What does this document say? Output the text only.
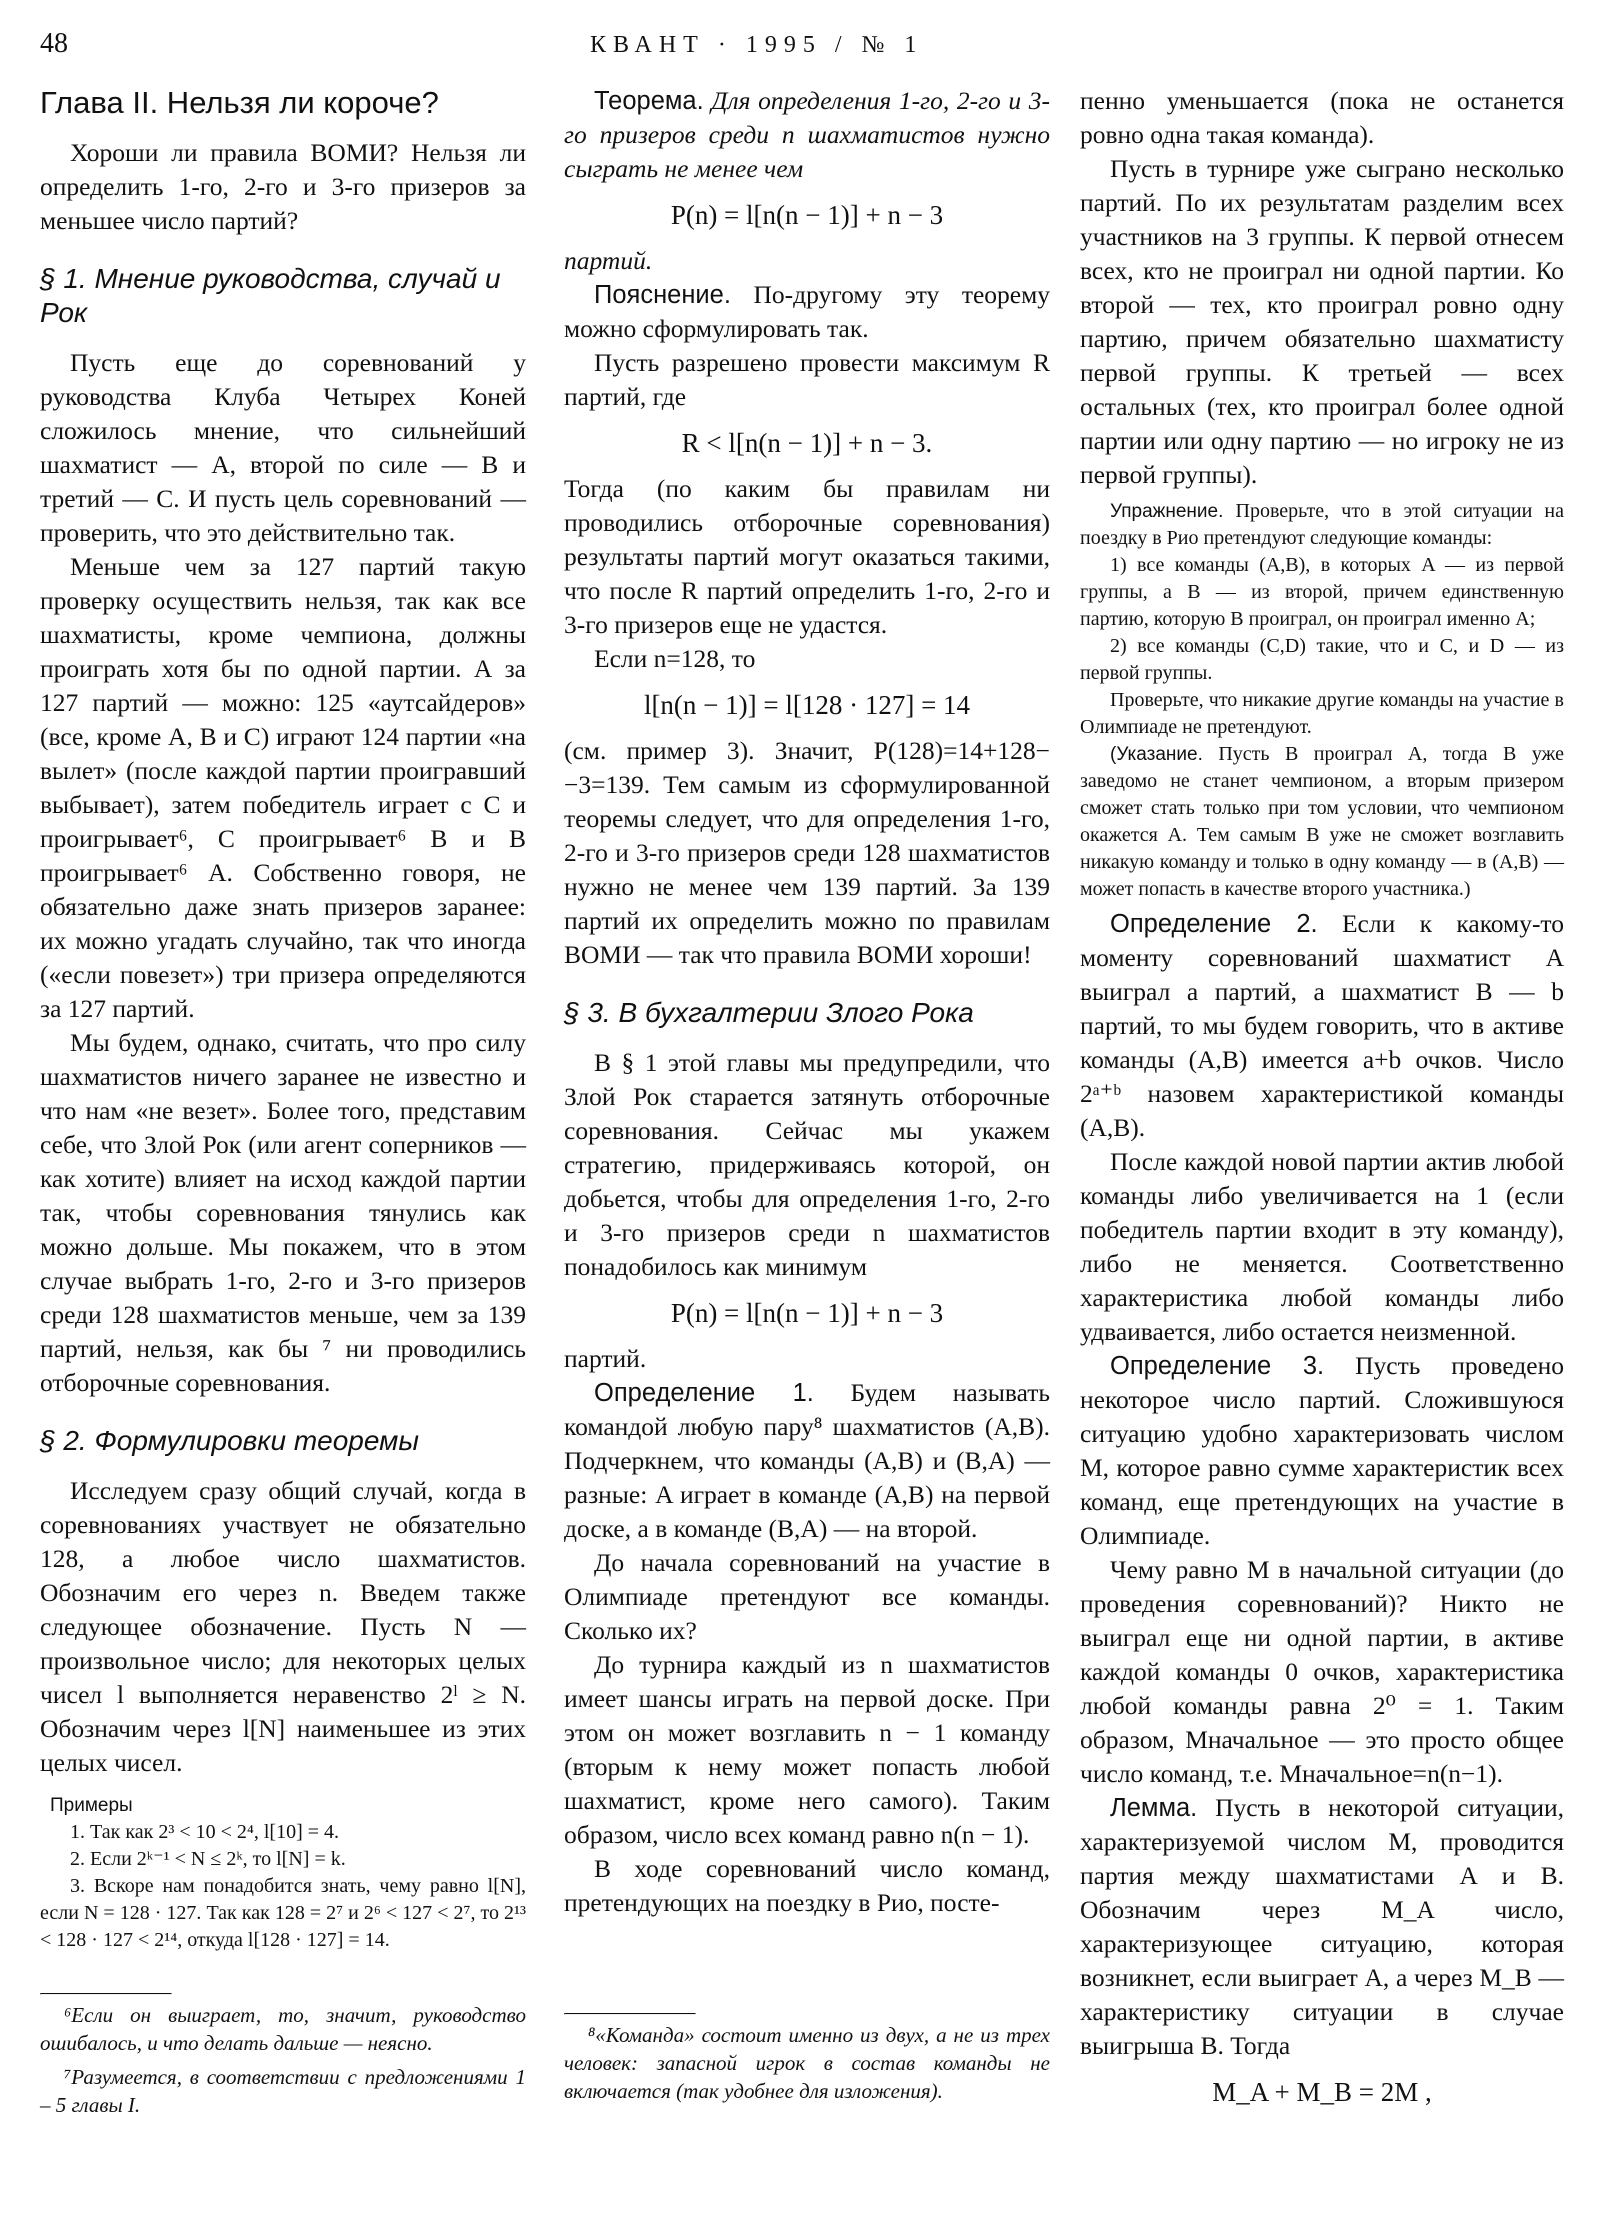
48	КВАНТ · 1995 / № 1
Глава II. Нельзя ли короче?

Хороши ли правила ВОМИ? Нельзя ли определить 1-го, 2-го и 3-го призеров за меньшее число партий?

§ 1. Мнение руководства, случай и Рок

Пусть еще до соревнований у руководства Клуба Четырех Коней сложилось мнение, что сильнейший шахматист — A, второй по силе — B и третий — C. И пусть цель соревнований — проверить, что это действительно так.

Меньше чем за 127 партий такую проверку осуществить нельзя, так как все шахматисты, кроме чемпиона, должны проиграть хотя бы по одной партии. А за 127 партий — можно: 125 «аутсайдеров» (все, кроме A, B и C) играют 124 партии «на вылет» (после каждой партии проигравший выбывает), затем победитель играет с C и проигрывает⁶, C проигрывает⁶ B и B проигрывает⁶ A. Собственно говоря, не обязательно даже знать призеров заранее: их можно угадать случайно, так что иногда («если повезет») три призера определяются за 127 партий.

Мы будем, однако, считать, что про силу шахматистов ничего заранее не известно и что нам «не везет». Более того, представим себе, что Злой Рок (или агент соперников — как хотите) влияет на исход каждой партии так, чтобы соревнования тянулись как можно дольше. Мы покажем, что в этом случае выбрать 1-го, 2-го и 3-го призеров среди 128 шахматистов меньше, чем за 139 партий, нельзя, как бы ⁷ ни проводились отборочные соревнования.

§ 2. Формулировки теоремы

Исследуем сразу общий случай, когда в соревнованиях участвует не обязательно 128, а любое число шахматистов. Обозначим его через n. Введем также следующее обозначение. Пусть N — произвольное число; для некоторых целых чисел l выполняется неравенство 2ˡ ≥ N. Обозначим через l[N] наименьшее из этих целых чисел.

Примеры

1. Так как 2³ < 10 < 2⁴, l[10] = 4.

2. Если 2ᵏ⁻¹ < N ≤ 2ᵏ, то l[N] = k.

3. Вскоре нам понадобится знать, чему равно l[N], если N = 128 · 127. Так как 128 = 2⁷ и 2⁶ < 127 < 2⁷, то 2¹³ < 128 · 127 < 2¹⁴, откуда l[128 · 127] = 14.

Теорема. Для определения 1-го, 2-го и 3-го призеров среди n шахматистов нужно сыграть не менее чем

P(n) = l[n(n − 1)] + n − 3

партий.

Пояснение. По-другому эту теорему можно сформулировать так.

Пусть разрешено провести максимум R партий, где

R < l[n(n − 1)] + n − 3.

Тогда (по каким бы правилам ни проводились отборочные соревнования) результаты партий могут оказаться такими, что после R партий определить 1-го, 2-го и 3-го призеров еще не удастся.

Если n=128, то

l[n(n − 1)] = l[128 · 127] = 14

(см. пример 3). Значит, P(128)=14+128−−3=139. Тем самым из сформулированной теоремы следует, что для определения 1-го, 2-го и 3-го призеров среди 128 шахматистов нужно не менее чем 139 партий. За 139 партий их определить можно по правилам ВОМИ — так что правила ВОМИ хороши!

§ 3. В бухгалтерии Злого Рока

В § 1 этой главы мы предупредили, что Злой Рок старается затянуть отборочные соревнования. Сейчас мы укажем стратегию, придерживаясь которой, он добьется, чтобы для определения 1-го, 2-го и 3-го призеров среди n шахматистов понадобилось как минимум

P(n) = l[n(n − 1)] + n − 3

партий.

Определение 1. Будем называть командой любую пару⁸ шахматистов (A,B). Подчеркнем, что команды (A,B) и (B,A) — разные: A играет в команде (A,B) на первой доске, а в команде (B,A) — на второй.

До начала соревнований на участие в Олимпиаде претендуют все команды. Сколько их?

До турнира каждый из n шахматистов имеет шансы играть на первой доске. При этом он может возглавить n − 1 команду (вторым к нему может попасть любой шахматист, кроме него самого). Таким образом, число всех команд равно n(n − 1).

В ходе соревнований число команд, претендующих на поездку в Рио, посте-

пенно уменьшается (пока не останется ровно одна такая команда).

Пусть в турнире уже сыграно несколько партий. По их результатам разделим всех участников на 3 группы. К первой отнесем всех, кто не проиграл ни одной партии. Ко второй — тех, кто проиграл ровно одну партию, причем обязательно шахматисту первой группы. К третьей — всех остальных (тех, кто проиграл более одной партии или одну партию — но игроку не из первой группы).

Упражнение. Проверьте, что в этой ситуации на поездку в Рио претендуют следующие команды:

1) все команды (A,B), в которых A — из первой группы, а B — из второй, причем единственную партию, которую B проиграл, он проиграл именно A;

2) все команды (C,D) такие, что и C, и D — из первой группы.

Проверьте, что никакие другие команды на участие в Олимпиаде не претендуют.

(Указание. Пусть B проиграл A, тогда B уже заведомо не станет чемпионом, а вторым призером сможет стать только при том условии, что чемпионом окажется A. Тем самым B уже не сможет возглавить никакую команду и только в одну команду — в (A,B) — может попасть в качестве второго участника.)

Определение 2. Если к какому-то моменту соревнований шахматист A выиграл a партий, а шахматист B — b партий, то мы будем говорить, что в активе команды (A,B) имеется a+b очков. Число 2ᵃ⁺ᵇ назовем характеристикой команды (A,B).

После каждой новой партии актив любой команды либо увеличивается на 1 (если победитель партии входит в эту команду), либо не меняется. Соответственно характеристика любой команды либо удваивается, либо остается неизменной.

Определение 3. Пусть проведено некоторое число партий. Сложившуюся ситуацию удобно характеризовать числом M, которое равно сумме характеристик всех команд, еще претендующих на участие в Олимпиаде.

Чему равно M в начальной ситуации (до проведения соревнований)? Никто не выиграл еще ни одной партии, в активе каждой команды 0 очков, характеристика любой команды равна 2⁰ = 1. Таким образом, Mначальное — это просто общее число команд, т.е. Mначальное=n(n−1).

Лемма. Пусть в некоторой ситуации, характеризуемой числом M, проводится партия между шахматистами A и B. Обозначим через M_A число, характеризующее ситуацию, которая возникнет, если выиграет A, а через M_B — характеристику ситуации в случае выигрыша B. Тогда

M_A + M_B = 2M ,

⁶Если он выиграет, то, значит, руководство ошибалось, и что делать дальше — неясно.

⁷Разумеется, в соответствии с предложениями 1 – 5 главы I.

⁸«Команда» состоит именно из двух, а не из трех человек: запасной игрок в состав команды не включается (так удобнее для изложения).
